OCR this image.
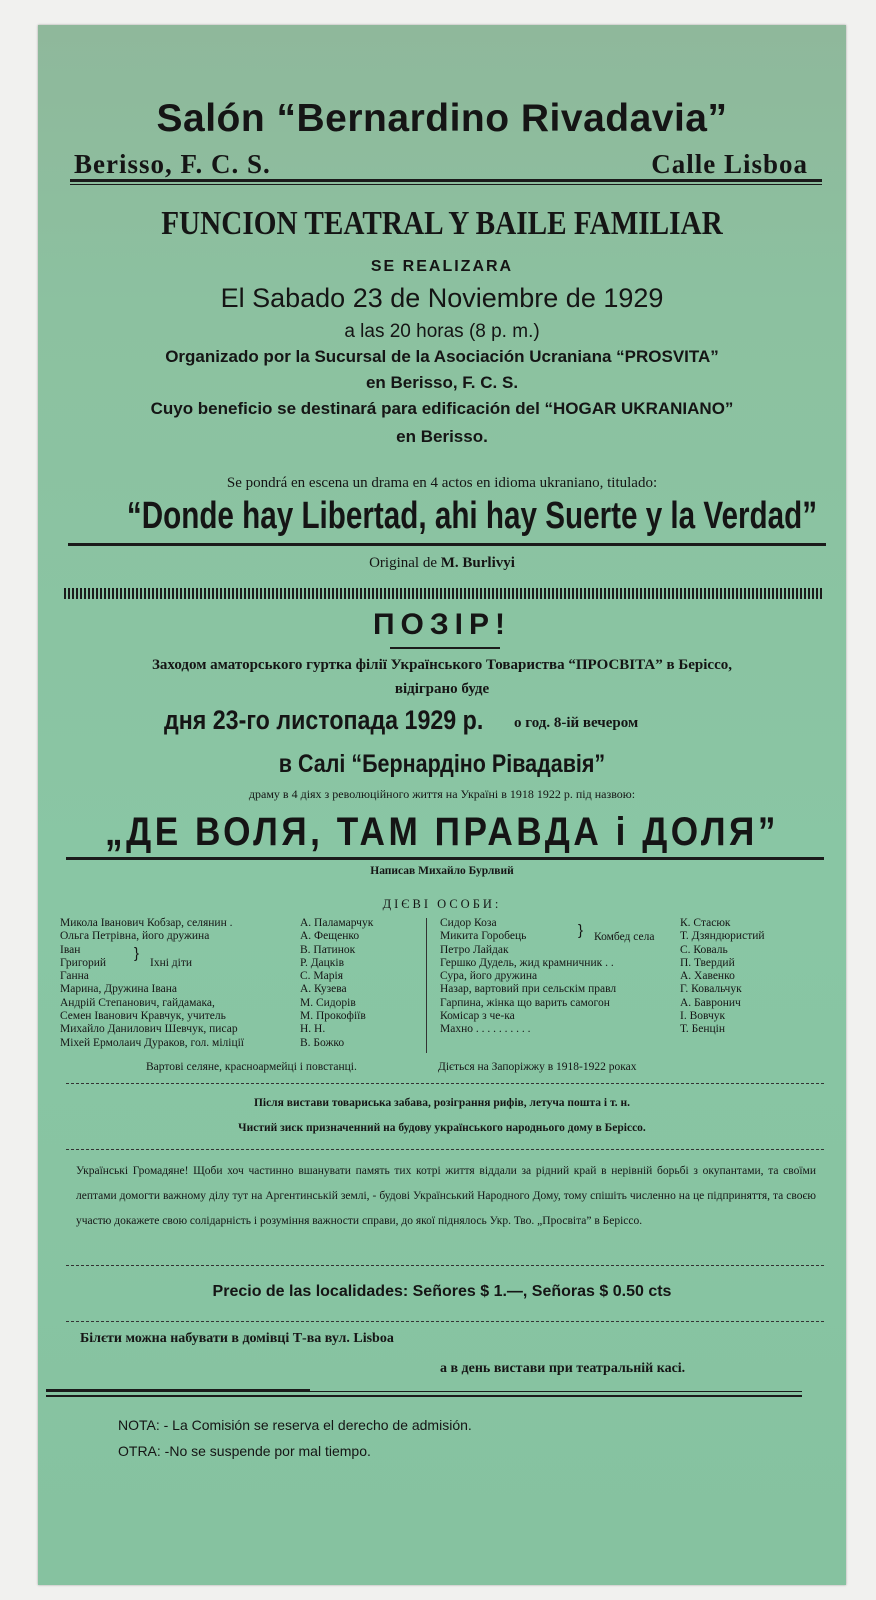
Salón “Bernardino Rivadavia”
Berisso, F. C. S.	Calle Lisboa
FUNCION TEATRAL Y BAILE FAMILIAR
SE REALIZARA
El Sabado 23 de Noviembre de 1929
a las 20 horas (8 p. m.)
Organizado por la Sucursal de la Asociación Ucraniana “PROSVITA”
en Berisso, F. C. S.
Cuyo beneficio se destinará para edificación del “HOGAR UKRANIANO”
en Berisso.
Se pondrá en escena un drama en 4 actos en idioma ukraniano, titulado:
“Donde hay Libertad, ahi hay Suerte y la Verdad”
Original de M. Burlivyi
ПОЗІР!
Заходом аматорського гуртка філії Українського Товариства “ПРОСВІТА” в Беріссо,
відіграно буде
дня 23-го листопада 1929 р. о год. 8-ій вечером
в Салі “Бернардіно Рівадавія”
драму в 4 діях з революційного життя на Україні в 1918 1922 р. під назвою:
„ДЕ ВОЛЯ, ТАМ ПРАВДА і ДОЛЯ”
Написав Михайло Бурлвий
ДІЄВІ ОСОБИ:
Микола Іванович Кобзар, селянин .
Ольга Петрівна, його дружина
Іван
Григорий
Ганна
Марина, Дружина Івана
Андрій Степанович, гайдамака,
Семен Іванович Кравчук, учитель
Михайло Данилович Шевчук, писар
Міхей Ермолаич Дураков, гол. міліції
}
Іхні діти
А. Паламарчук
А. Фещенко
В. Патинок
Р. Дацків
С. Марія
А. Кузева
М. Сидорів
М. Прокофіїв
Н. Н.
В. Божко
Сидор Коза
Микита Горобець
Петро Лайдак
Гершко Дудель, жид крамничник . .
Сура, його дружина
Назар, вартовий при сельскім правл
Гарпина, жінка що варить самогон
Комісар з че-ка
Махно . . . . . . . . . .
} Комбед села
К. Стасюк
Т. Дзяндюристий
С. Коваль
П. Твердий
А. Хавенко
Г. Ковальчук
А. Бавронич
І. Вовчук
Т. Бенцін
Вартові селяне, красноармейці і повстанці.	Діється на Запоріжжу в 1918-1922 роках
Після вистави товариська забава, розіграння рифів, летуча пошта і т. н.
Чистий зиск призначенний на будову українського народнього дому в Беріссо.
Українські Громадяне! Щоби хоч частинно вшанувати память тих котрі життя віддали за рідний край в нерівній борьбі з окупантами, та своїми лептами домогти важному ділу тут на Аргентинській землі, - будові Український Народного Дому, тому спішіть численно на це підприняття, та своєю участю докажете свою солідарність і розуміння важности справи, до якої піднялось Укр. Тво. „Просвіта” в Беріссо.
Precio de las localidades: Señores $ 1.—, Señoras $ 0.50 cts
Білєти можна набувати в домівці Т-ва вул. Lisboa
а в день вистави при театральній касі.
NOTA: - La Comisión se reserva el derecho de admisión.
OTRA: -No se suspende por mal tiempo.
